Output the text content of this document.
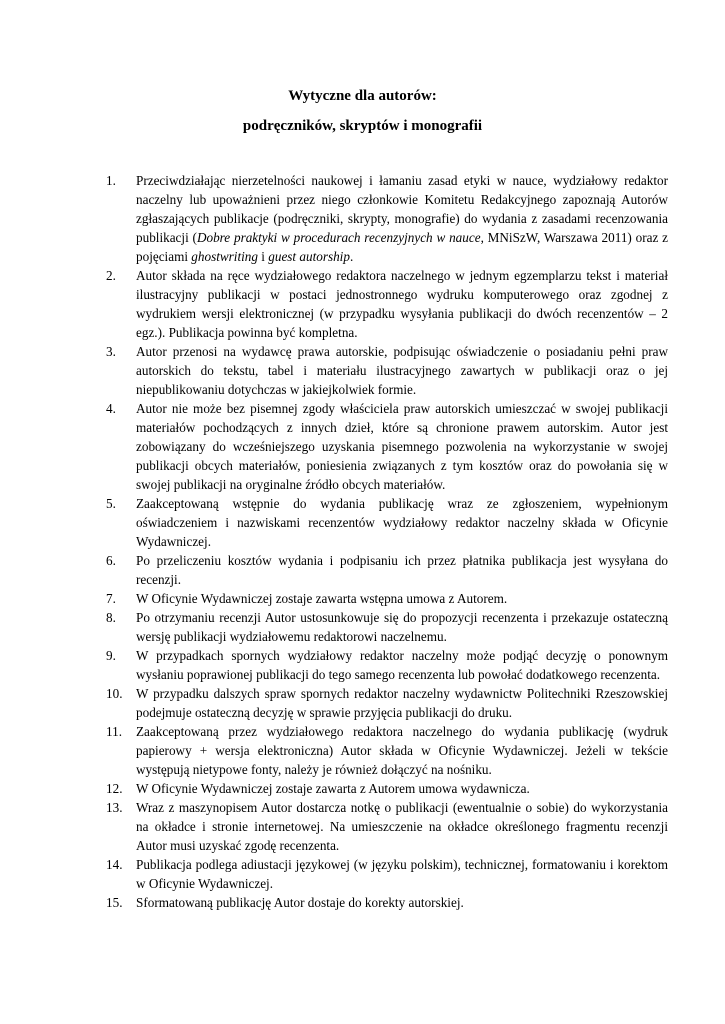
Wytyczne dla autorów:
podręczników, skryptów i monografii
1.	Przeciwdziałając nierzetelności naukowej i łamaniu zasad etyki w nauce, wydziałowy redaktor naczelny lub upoważnieni przez niego członkowie Komitetu Redakcyjnego zapoznają Autorów zgłaszających publikacje (podręczniki, skrypty, monografie) do wydania z zasadami recenzowania publikacji (Dobre praktyki w procedurach recenzyjnych w nauce, MNiSzW, Warszawa 2011) oraz z pojęciami ghostwriting i guest autorship.
2.	Autor składa na ręce wydziałowego redaktora naczelnego w jednym egzemplarzu tekst i materiał ilustracyjny publikacji w postaci jednostronnego wydruku komputerowego oraz zgodnej z wydrukiem wersji elektronicznej (w przypadku wysyłania publikacji do dwóch recenzentów – 2 egz.). Publikacja powinna być kompletna.
3.	Autor przenosi na wydawcę prawa autorskie, podpisując oświadczenie o posiadaniu pełni praw autorskich do tekstu, tabel i materiału ilustracyjnego zawartych w publikacji oraz o jej niepublikowaniu dotychczas w jakiejkolwiek formie.
4.	Autor nie może bez pisemnej zgody właściciela praw autorskich umieszczać w swojej publikacji materiałów pochodzących z innych dzieł, które są chronione prawem autorskim. Autor jest zobowiązany do wcześniejszego uzyskania pisemnego pozwolenia na wykorzystanie w swojej publikacji obcych materiałów, poniesienia związanych z tym kosztów oraz do powołania się w swojej publikacji na oryginalne źródło obcych materiałów.
5.	Zaakceptowaną wstępnie do wydania publikację wraz ze zgłoszeniem, wypełnionym oświadczeniem i nazwiskami recenzentów wydziałowy redaktor naczelny składa w Oficynie Wydawniczej.
6.	Po przeliczeniu kosztów wydania i podpisaniu ich przez płatnika publikacja jest wysyłana do recenzji.
7.	W Oficynie Wydawniczej zostaje zawarta wstępna umowa z Autorem.
8.	Po otrzymaniu recenzji Autor ustosunkowuje się do propozycji recenzenta i przekazuje ostateczną wersję publikacji wydziałowemu redaktorowi naczelnemu.
9.	W przypadkach spornych wydziałowy redaktor naczelny może podjąć decyzję o ponownym wysłaniu poprawionej publikacji do tego samego recenzenta lub powołać dodatkowego recenzenta.
10.	W przypadku dalszych spraw spornych redaktor naczelny wydawnictw Politechniki Rzeszowskiej podejmuje ostateczną decyzję w sprawie przyjęcia publikacji do druku.
11.	Zaakceptowaną przez wydziałowego redaktora naczelnego do wydania publikację (wydruk papierowy + wersja elektroniczna) Autor składa w Oficynie Wydawniczej. Jeżeli w tekście występują nietypowe fonty, należy je również dołączyć na nośniku.
12.	W Oficynie Wydawniczej zostaje zawarta z Autorem umowa wydawnicza.
13.	Wraz z maszynopisem Autor dostarcza notkę o publikacji (ewentualnie o sobie) do wykorzystania na okładce i stronie internetowej. Na umieszczenie na okładce określonego fragmentu recenzji Autor musi uzyskać zgodę recenzenta.
14.	Publikacja podlega adiustacji językowej (w języku polskim), technicznej, formatowaniu i korektom w Oficynie Wydawniczej.
15.	Sformatowaną publikację Autor dostaje do korekty autorskiej.
